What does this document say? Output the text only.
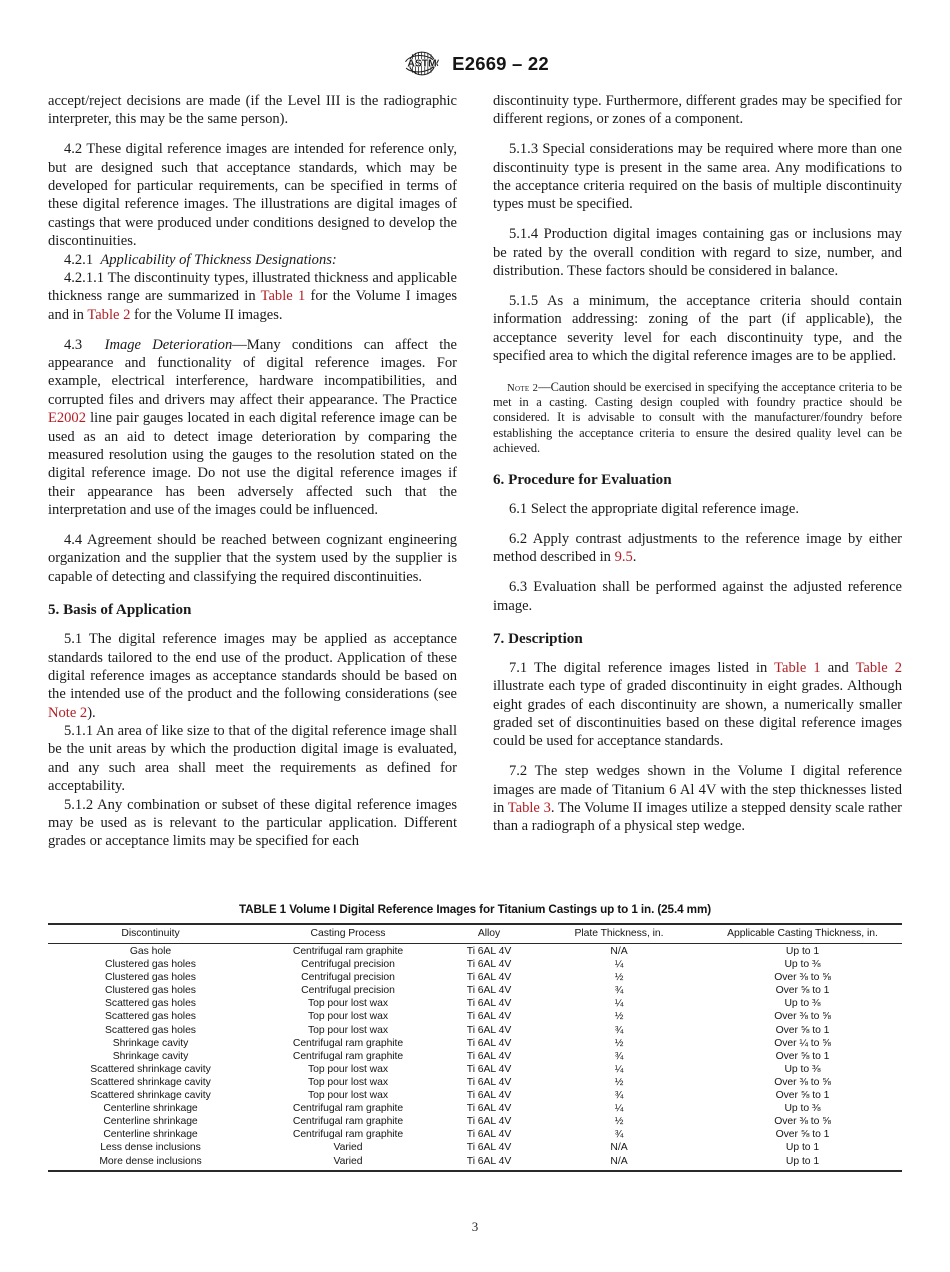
ASTM E2669 – 22

accept/reject decisions are made (if the Level III is the radiographic interpreter, this may be the same person).

4.2 These digital reference images are intended for reference only, but are designed such that acceptance standards, which may be developed for particular requirements, can be specified in terms of these digital reference images. The illustrations are digital images of castings that were produced under conditions designed to develop the discontinuities.

4.2.1 Applicability of Thickness Designations:

4.2.1.1 The discontinuity types, illustrated thickness and applicable thickness range are summarized in Table 1 for the Volume I images and in Table 2 for the Volume II images.

4.3 Image Deterioration—Many conditions can affect the appearance and functionality of digital reference images. For example, electrical interference, hardware incompatibilities, and corrupted files and drivers may affect their appearance. The Practice E2002 line pair gauges located in each digital reference image can be used as an aid to detect image deterioration by comparing the measured resolution using the gauges to the resolution stated on the digital reference image. Do not use the digital reference images if their appearance has been adversely affected such that the interpretation and use of the images could be influenced.

4.4 Agreement should be reached between cognizant engineering organization and the supplier that the system used by the supplier is capable of detecting and classifying the required discontinuities.

5. Basis of Application

5.1 The digital reference images may be applied as acceptance standards tailored to the end use of the product. Application of these digital reference images as acceptance standards should be based on the intended use of the product and the following considerations (see Note 2).

5.1.1 An area of like size to that of the digital reference image shall be the unit areas by which the production digital image is evaluated, and any such area shall meet the requirements as defined for acceptability.

5.1.2 Any combination or subset of these digital reference images may be used as is relevant to the particular application. Different grades or acceptance limits may be specified for each

discontinuity type. Furthermore, different grades may be specified for different regions, or zones of a component.

5.1.3 Special considerations may be required where more than one discontinuity type is present in the same area. Any modifications to the acceptance criteria required on the basis of multiple discontinuity types must be specified.

5.1.4 Production digital images containing gas or inclusions may be rated by the overall condition with regard to size, number, and distribution. These factors should be considered in balance.

5.1.5 As a minimum, the acceptance criteria should contain information addressing: zoning of the part (if applicable), the acceptance severity level for each discontinuity type, and the specified area to which the digital reference images are to be applied.

Note 2—Caution should be exercised in specifying the acceptance criteria to be met in a casting. Casting design coupled with foundry practice should be considered. It is advisable to consult with the manufacturer/foundry before establishing the acceptance criteria to ensure the desired quality level can be achieved.

6. Procedure for Evaluation

6.1 Select the appropriate digital reference image.

6.2 Apply contrast adjustments to the reference image by either method described in 9.5.

6.3 Evaluation shall be performed against the adjusted reference image.

7. Description

7.1 The digital reference images listed in Table 1 and Table 2 illustrate each type of graded discontinuity in eight grades. Although eight grades of each discontinuity are shown, a numerically smaller graded set of discontinuities based on these digital reference images could be used for acceptance standards.

7.2 The step wedges shown in the Volume I digital reference images are made of Titanium 6 Al 4V with the step thicknesses listed in Table 3. The Volume II images utilize a stepped density scale rather than a radiograph of a physical step wedge.

TABLE 1 Volume I Digital Reference Images for Titanium Castings up to 1 in. (25.4 mm)
Discontinuity	Casting Process	Alloy	Plate Thickness, in.	Applicable Casting Thickness, in.
Gas hole	Centrifugal ram graphite	Ti 6AL 4V	N/A	Up to 1
Clustered gas holes	Centrifugal precision	Ti 6AL 4V	¼	Up to ⅜
Clustered gas holes	Centrifugal precision	Ti 6AL 4V	½	Over ⅜ to ⅝
Clustered gas holes	Centrifugal precision	Ti 6AL 4V	¾	Over ⅝ to 1
Scattered gas holes	Top pour lost wax	Ti 6AL 4V	¼	Up to ⅜
Scattered gas holes	Top pour lost wax	Ti 6AL 4V	½	Over ⅜ to ⅝
Scattered gas holes	Top pour lost wax	Ti 6AL 4V	¾	Over ⅝ to 1
Shrinkage cavity	Centrifugal ram graphite	Ti 6AL 4V	½	Over ¼ to ⅝
Shrinkage cavity	Centrifugal ram graphite	Ti 6AL 4V	¾	Over ⅝ to 1
Scattered shrinkage cavity	Top pour lost wax	Ti 6AL 4V	¼	Up to ⅜
Scattered shrinkage cavity	Top pour lost wax	Ti 6AL 4V	½	Over ⅜ to ⅝
Scattered shrinkage cavity	Top pour lost wax	Ti 6AL 4V	¾	Over ⅝ to 1
Centerline shrinkage	Centrifugal ram graphite	Ti 6AL 4V	¼	Up to ⅜
Centerline shrinkage	Centrifugal ram graphite	Ti 6AL 4V	½	Over ⅜ to ⅝
Centerline shrinkage	Centrifugal ram graphite	Ti 6AL 4V	¾	Over ⅝ to 1
Less dense inclusions	Varied	Ti 6AL 4V	N/A	Up to 1
More dense inclusions	Varied	Ti 6AL 4V	N/A	Up to 1
3
